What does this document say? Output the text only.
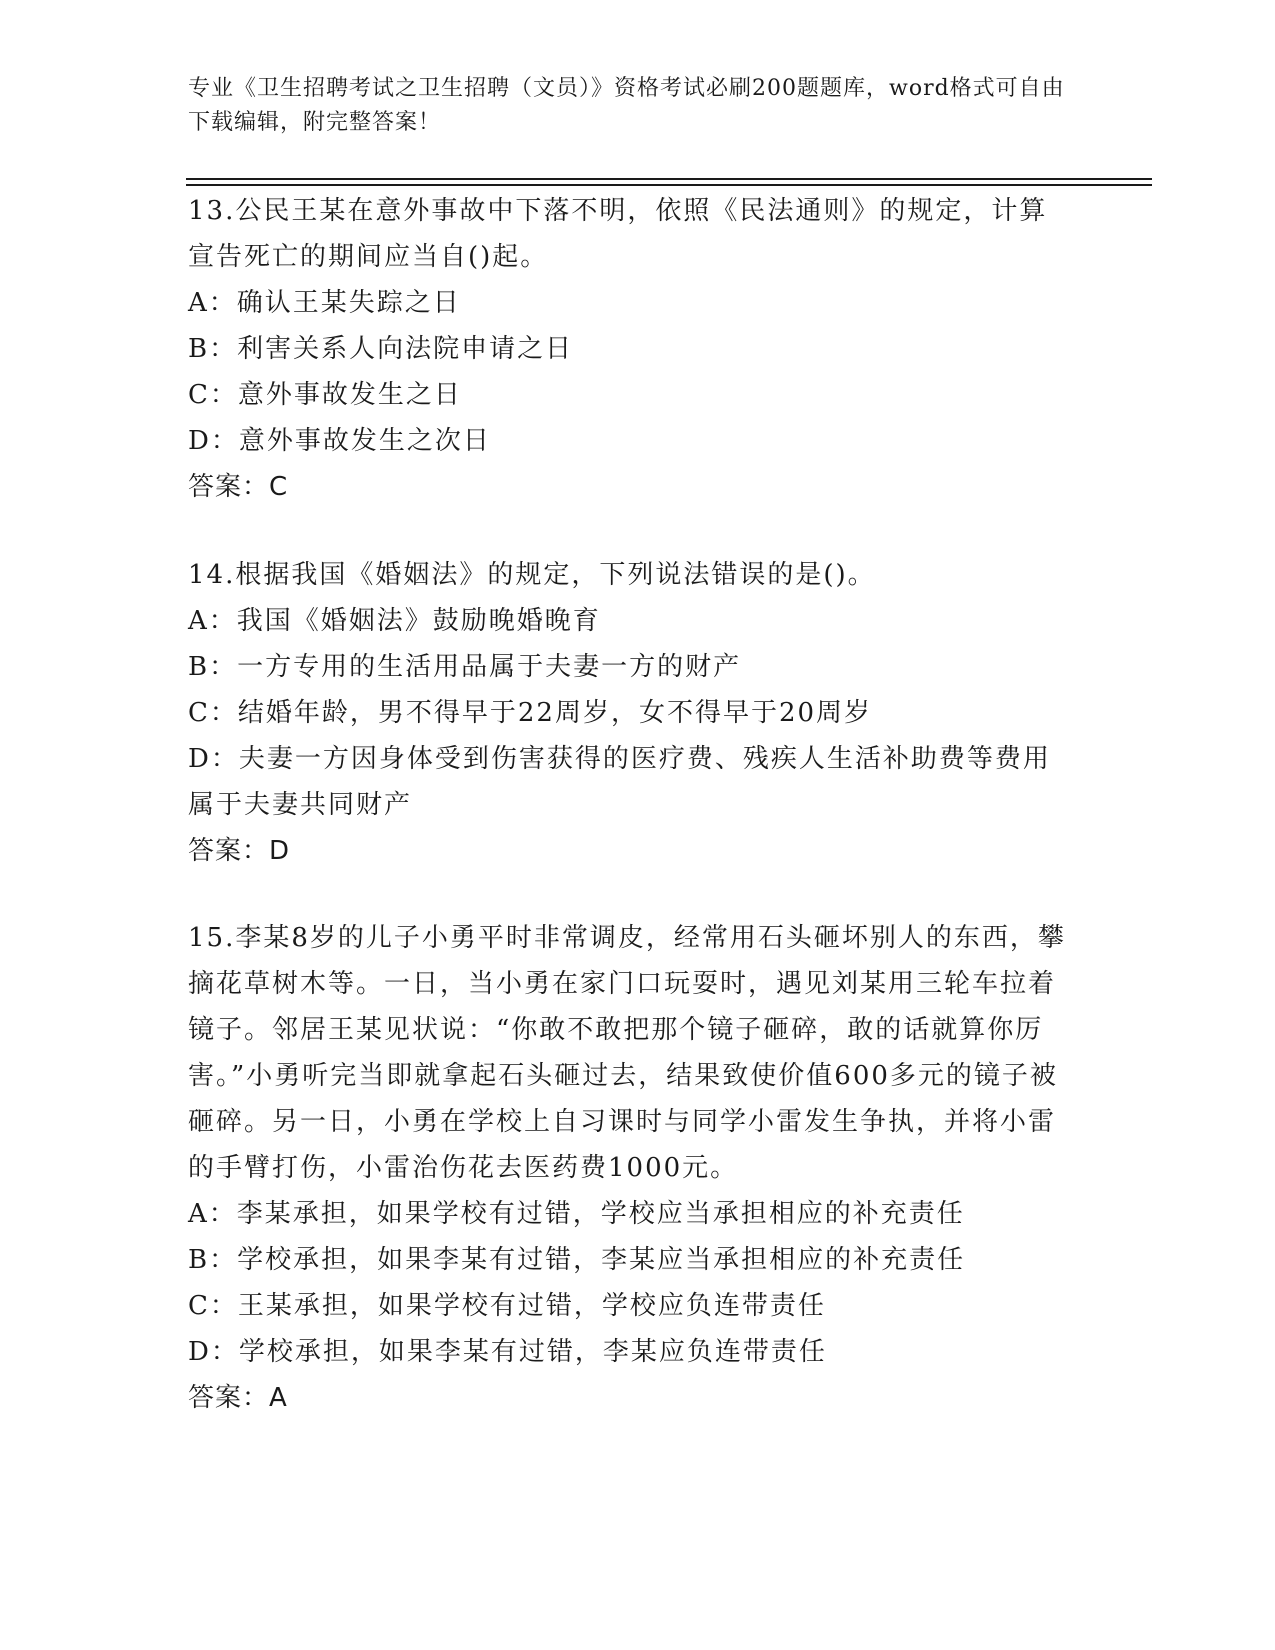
专业《卫生招聘考试之卫生招聘（文员）》资格考试必刷200题题库，word格式可自由下载编辑，附完整答案！

13.公民王某在意外事故中下落不明，依照《民法通则》的规定，计算宣告死亡的期间应当自()起。

A：确认王某失踪之日

B：利害关系人向法院申请之日

C：意外事故发生之日

D：意外事故发生之次日

答案：C

14.根据我国《婚姻法》的规定，下列说法错误的是()。

A：我国《婚姻法》鼓励晚婚晚育

B：一方专用的生活用品属于夫妻一方的财产

C：结婚年龄，男不得早于22周岁，女不得早于20周岁

D：夫妻一方因身体受到伤害获得的医疗费、残疾人生活补助费等费用属于夫妻共同财产

答案：D

15.李某8岁的儿子小勇平时非常调皮，经常用石头砸坏别人的东西，攀摘花草树木等。一日，当小勇在家门口玩耍时，遇见刘某用三轮车拉着镜子。邻居王某见状说：“你敢不敢把那个镜子砸碎，敢的话就算你厉害。”小勇听完当即就拿起石头砸过去，结果致使价值600多元的镜子被砸碎。另一日，小勇在学校上自习课时与同学小雷发生争执，并将小雷的手臂打伤，小雷治伤花去医药费1000元。

A：李某承担，如果学校有过错，学校应当承担相应的补充责任

B：学校承担，如果李某有过错，李某应当承担相应的补充责任

C：王某承担，如果学校有过错，学校应负连带责任

D：学校承担，如果李某有过错，李某应负连带责任

答案：A
